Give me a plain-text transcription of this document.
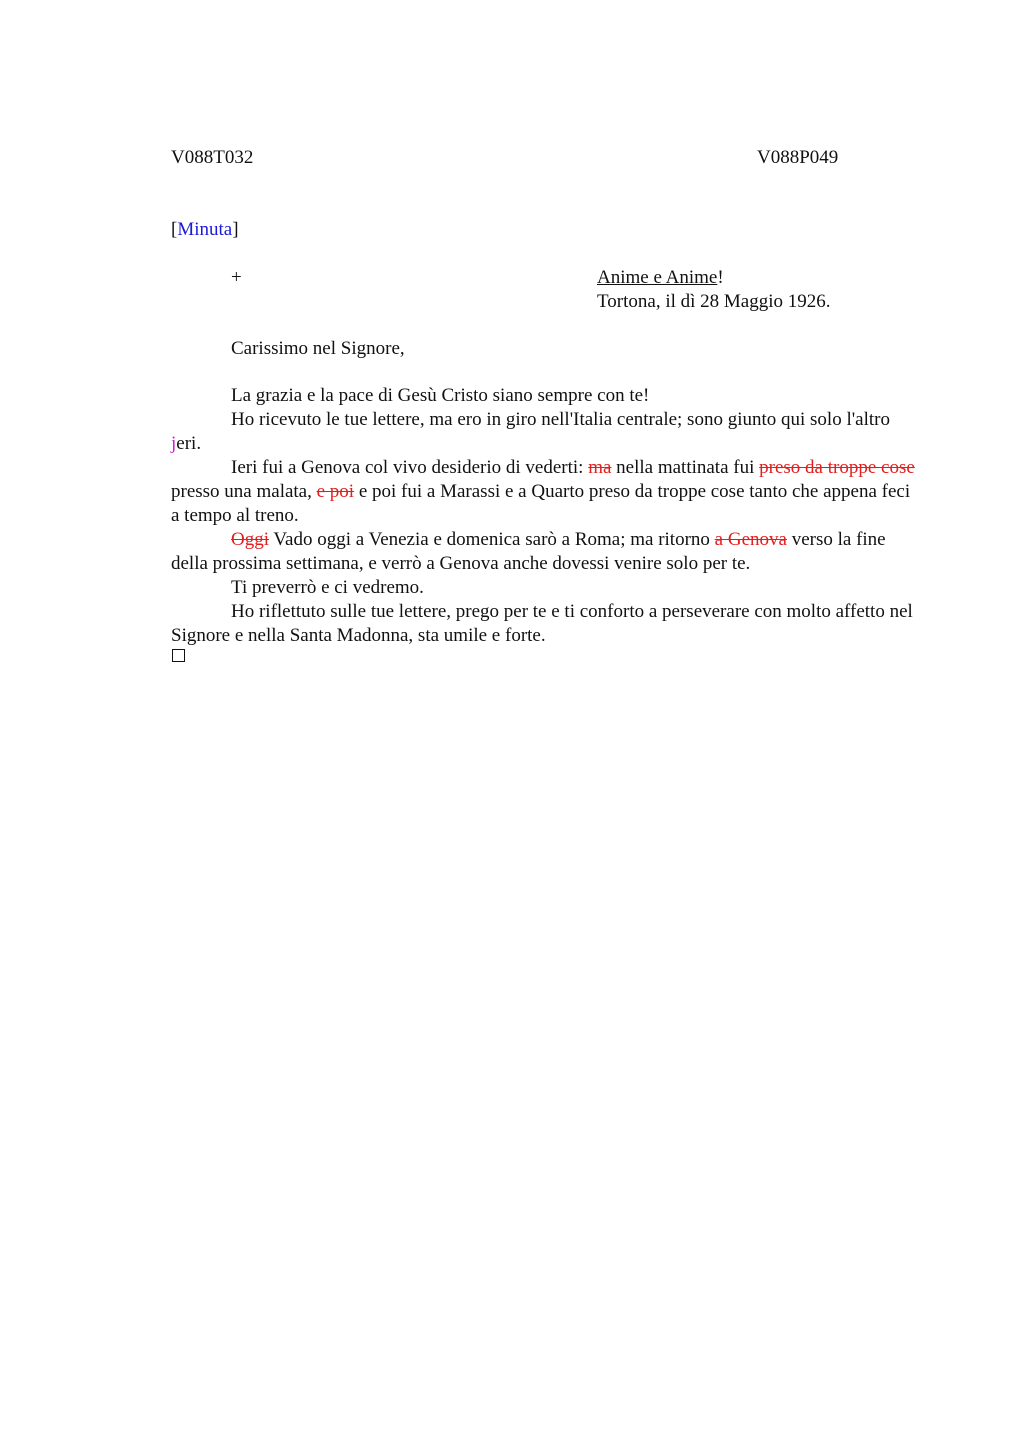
V088T032	V088P049
[Minuta]
+	Anime e Anime!
Tortona, il dì 28 Maggio 1926.
Carissimo nel Signore,

La grazia e la pace di Gesù Cristo siano sempre con te!

Ho ricevuto le tue lettere, ma ero in giro nell'Italia centrale; sono giunto qui solo l'altro jeri.

Ieri fui a Genova col vivo desiderio di vederti: ma nella mattinata fui preso da troppe cose presso una malata, e poi e poi fui a Marassi e a Quarto preso da troppe cose tanto che appena feci a tempo al treno.

Oggi Vado oggi a Venezia e domenica sarò a Roma; ma ritorno a Genova verso la fine della prossima settimana, e verrò a Genova anche dovessi venire solo per te.

Ti preverrò e ci vedremo.

Ho riflettuto sulle tue lettere, prego per te e ti conforto a perseverare con molto affetto nel Signore e nella Santa Madonna, sta umile e forte.
